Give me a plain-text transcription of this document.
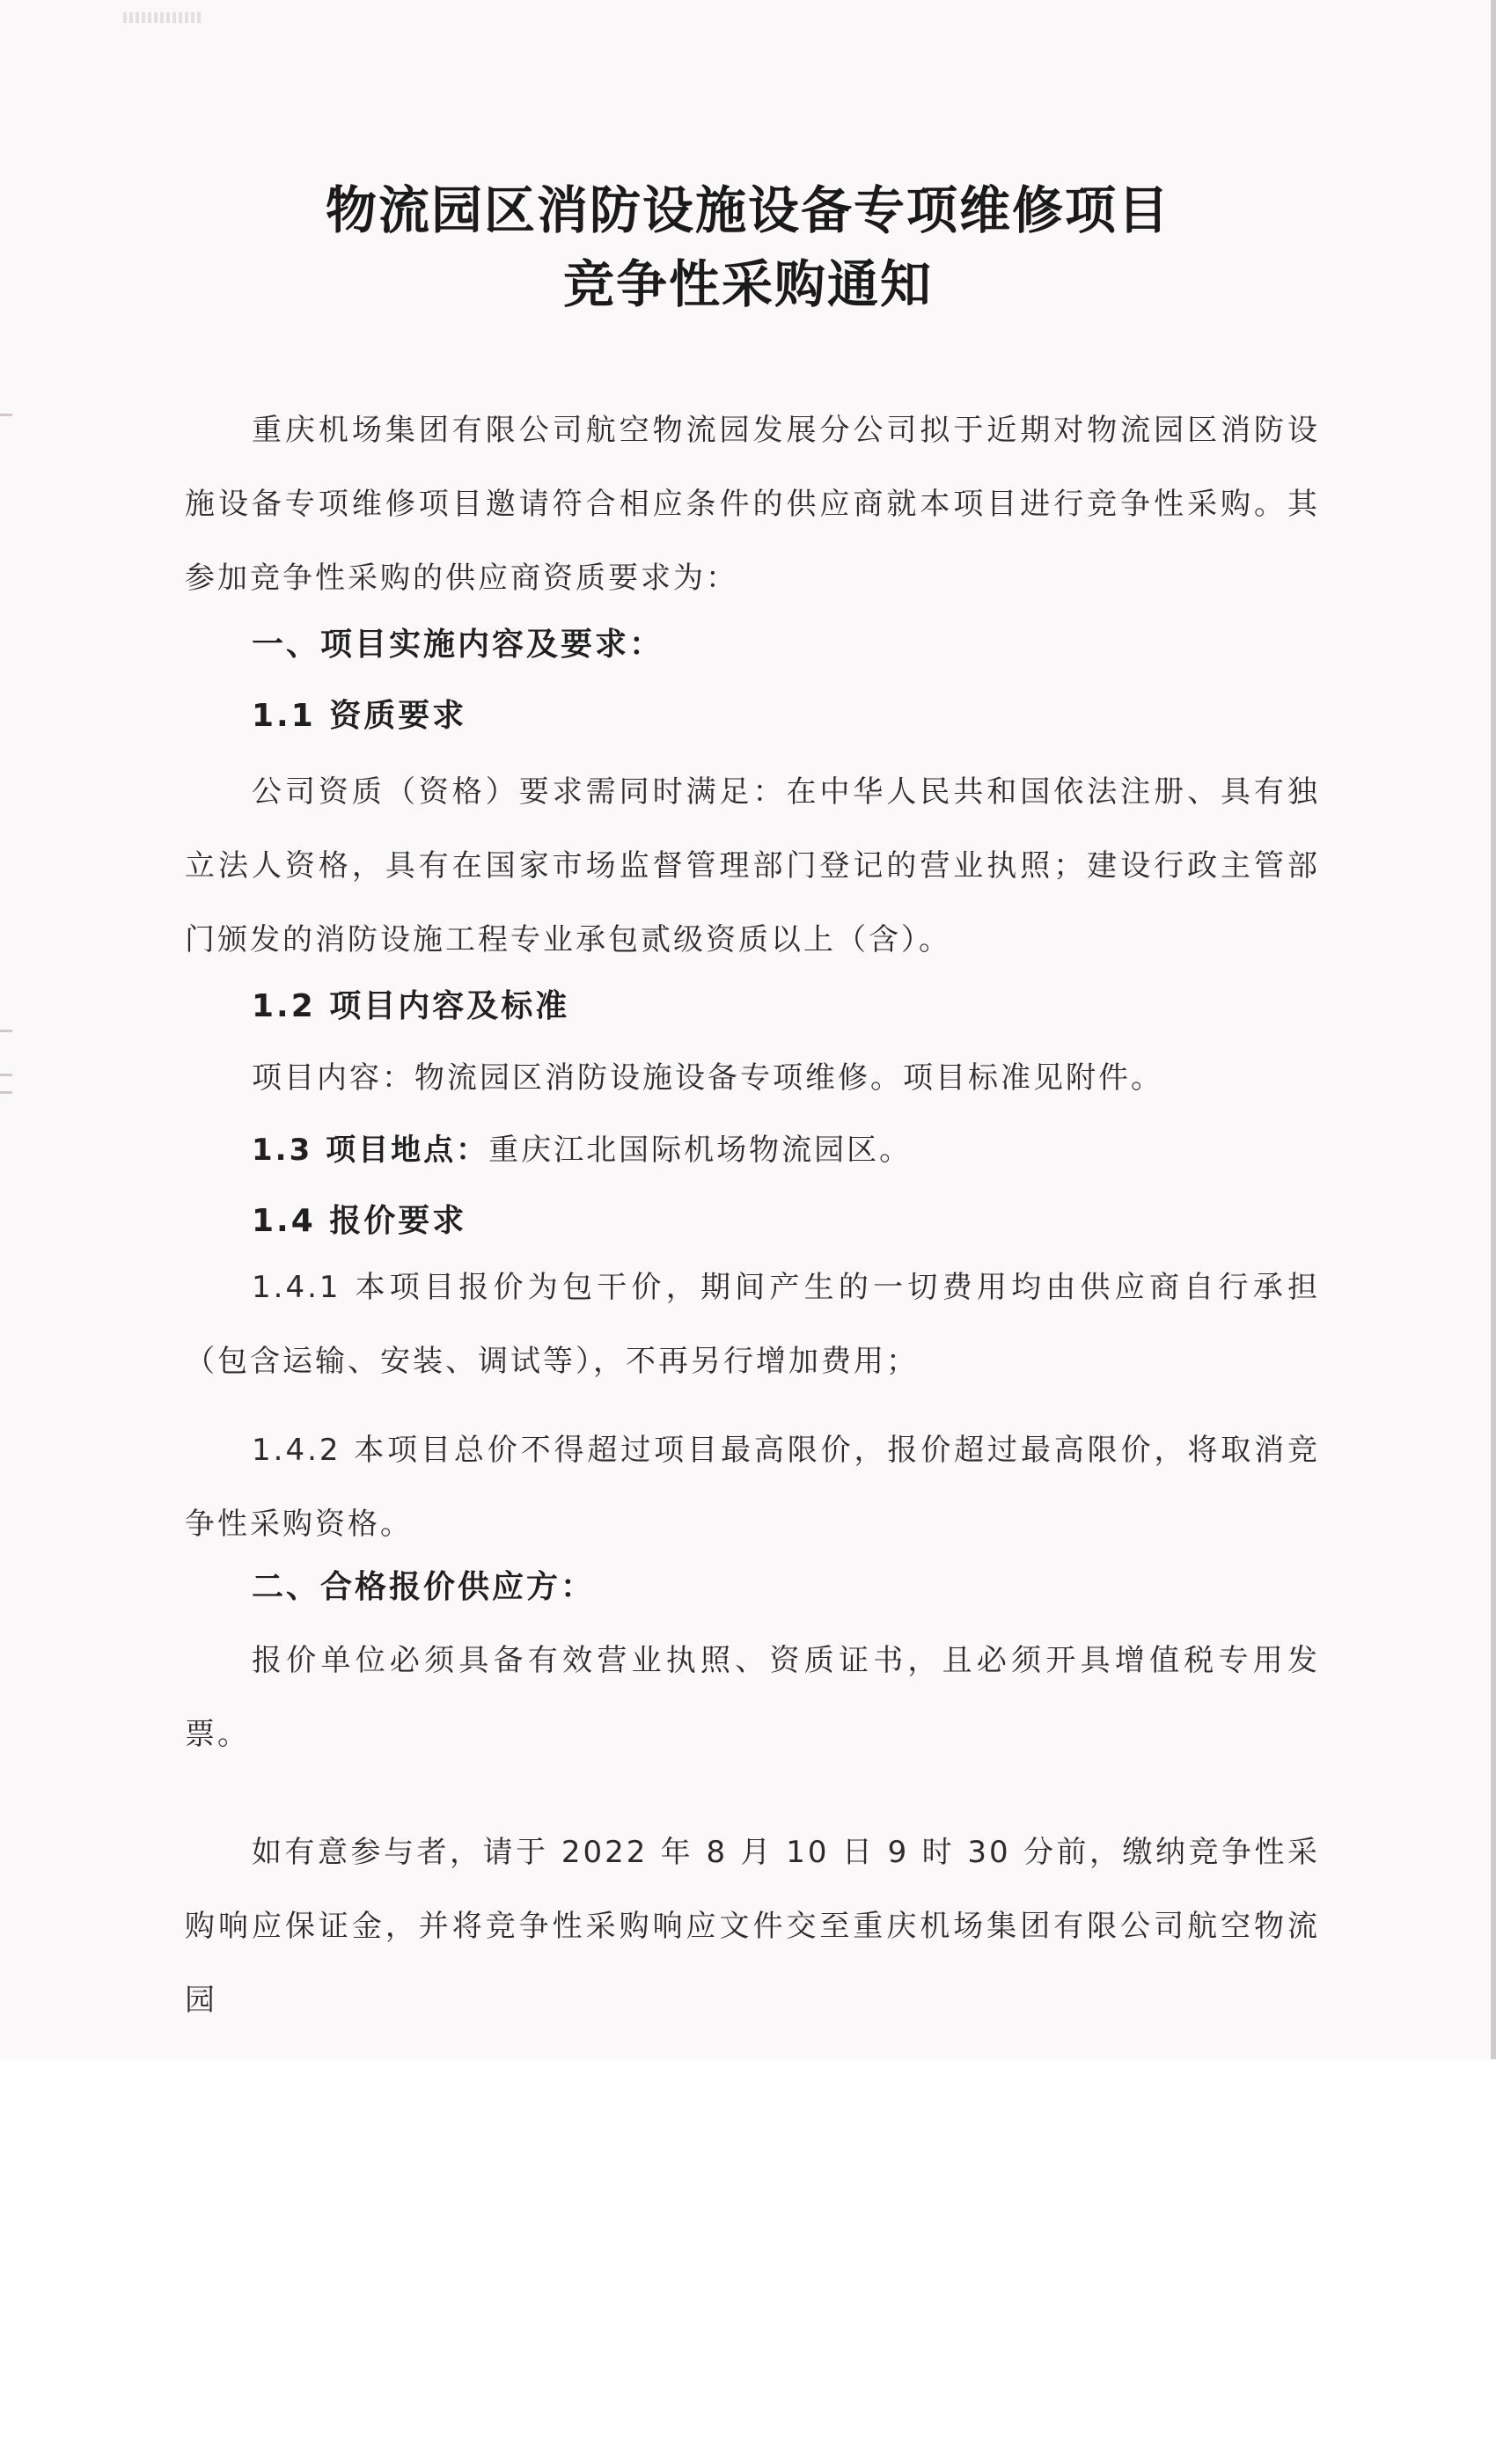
物流园区消防设施设备专项维修项目
竞争性采购通知

重庆机场集团有限公司航空物流园发展分公司拟于近期对物流园区消防设施设备专项维修项目邀请符合相应条件的供应商就本项目进行竞争性采购。其参加竞争性采购的供应商资质要求为：

一、项目实施内容及要求：

1.1 资质要求

公司资质（资格）要求需同时满足：在中华人民共和国依法注册、具有独立法人资格，具有在国家市场监督管理部门登记的营业执照；建设行政主管部门颁发的消防设施工程专业承包贰级资质以上（含）。

1.2 项目内容及标准

项目内容：物流园区消防设施设备专项维修。项目标准见附件。

1.3 项目地点：重庆江北国际机场物流园区。

1.4 报价要求

1.4.1 本项目报价为包干价，期间产生的一切费用均由供应商自行承担（包含运输、安装、调试等），不再另行增加费用；

1.4.2 本项目总价不得超过项目最高限价，报价超过最高限价，将取消竞争性采购资格。

二、合格报价供应方：

报价单位必须具备有效营业执照、资质证书，且必须开具增值税专用发票。

如有意参与者，请于 2022 年 8 月 10 日 9 时 30 分前，缴纳竞争性采购响应保证金，并将竞争性采购响应文件交至重庆机场集团有限公司航空物流园
